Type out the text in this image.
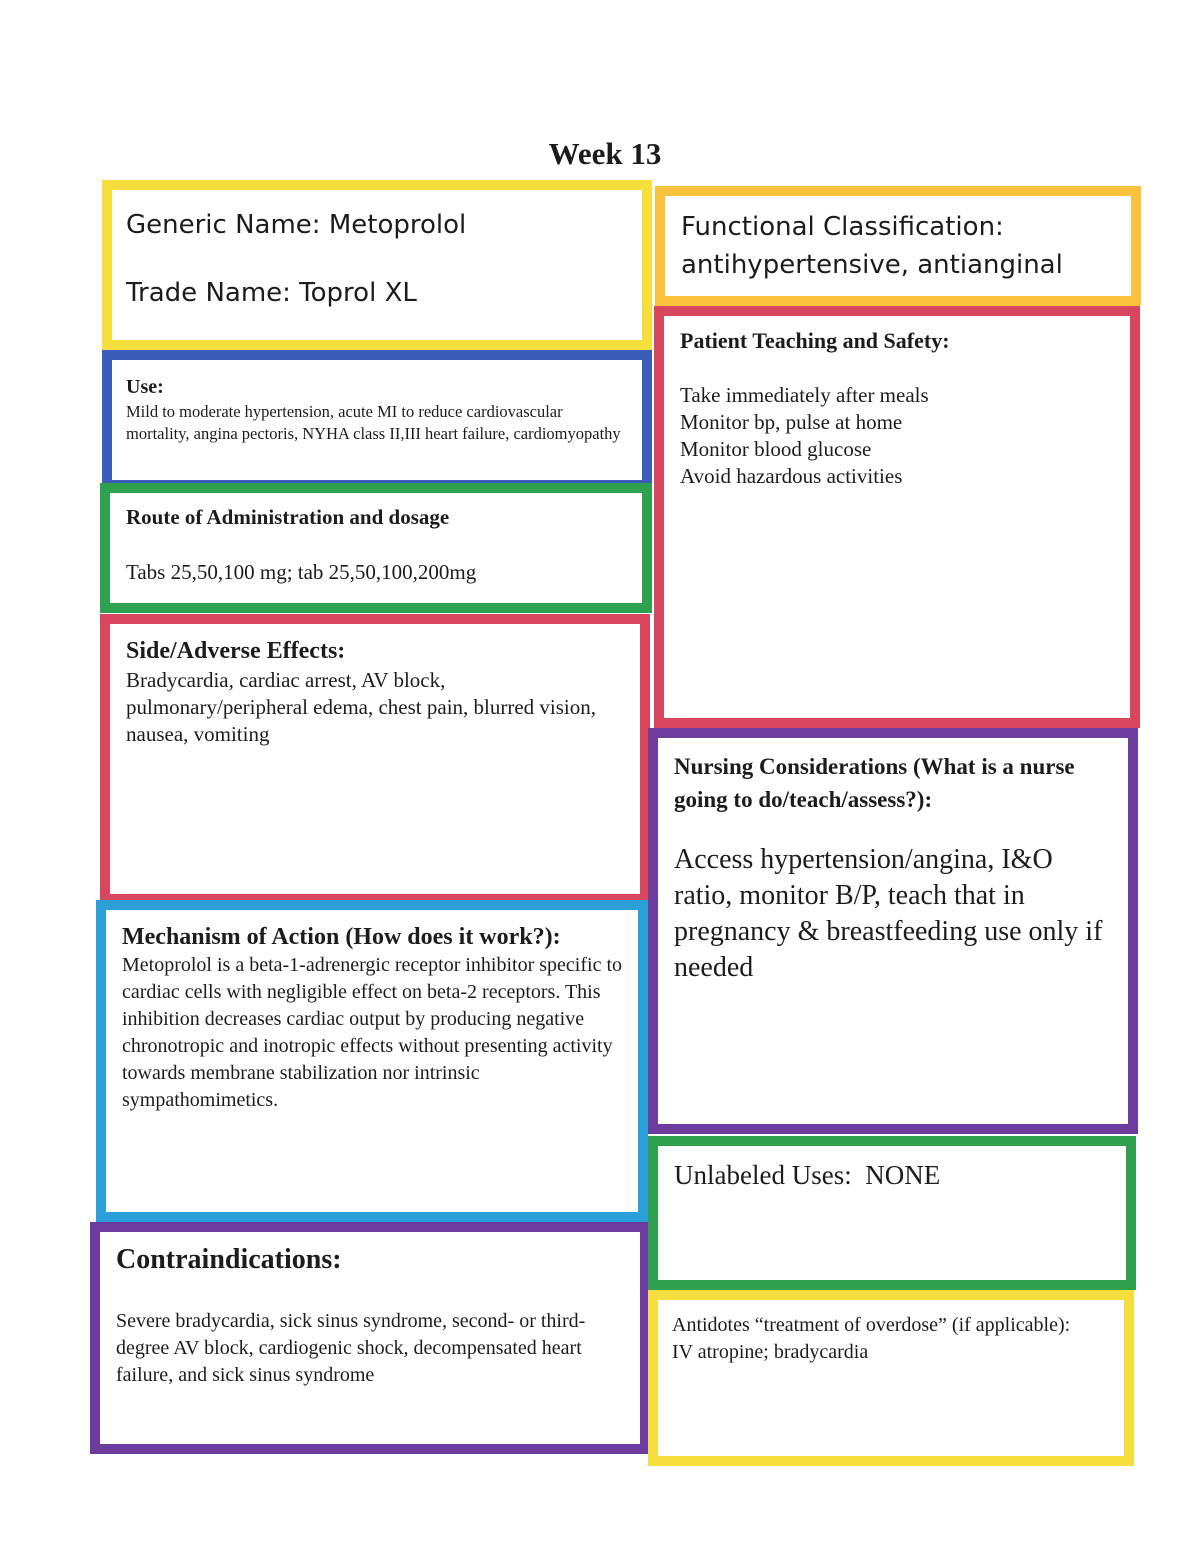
Week 13
Generic Name: Metoprolol
Trade Name: Toprol XL
Use:
Mild to moderate hypertension, acute MI to reduce cardiovascular mortality, angina pectoris, NYHA class II,III heart failure, cardiomyopathy
Route of Administration and dosage
Tabs 25,50,100 mg; tab 25,50,100,200mg
Side/Adverse Effects:
Bradycardia, cardiac arrest, AV block, pulmonary/peripheral edema, chest pain, blurred vision, nausea, vomiting
Mechanism of Action (How does it work?):
Metoprolol is a beta-1-adrenergic receptor inhibitor specific to cardiac cells with negligible effect on beta-2 receptors. This inhibition decreases cardiac output by producing negative chronotropic and inotropic effects without presenting activity towards membrane stabilization nor intrinsic sympathomimetics.
Contraindications:
Severe bradycardia, sick sinus syndrome, second- or third-degree AV block, cardiogenic shock, decompensated heart failure, and sick sinus syndrome
Functional Classification:
antihypertensive, antianginal
Patient Teaching and Safety:
Take immediately after meals
Monitor bp, pulse at home
Monitor blood glucose
Avoid hazardous activities
Nursing Considerations (What is a nurse going to do/teach/assess?):
Access hypertension/angina, I&O ratio, monitor B/P, teach that in pregnancy & breastfeeding use only if needed
Unlabeled Uses:  NONE
Antidotes “treatment of overdose” (if applicable):
IV atropine; bradycardia
